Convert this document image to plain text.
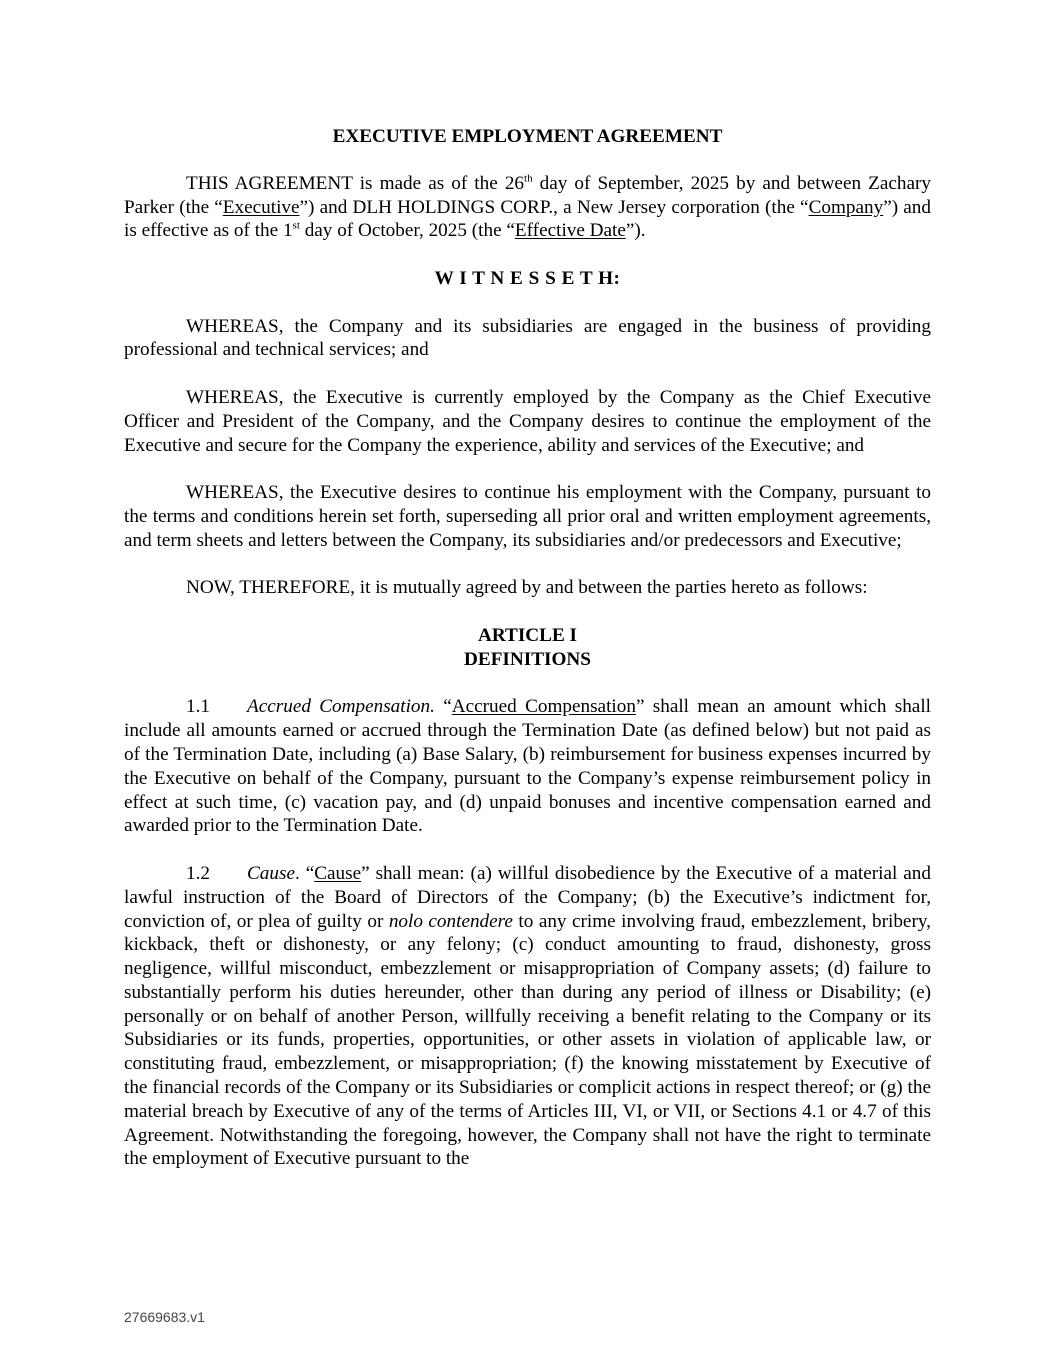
EXECUTIVE EMPLOYMENT AGREEMENT

THIS AGREEMENT is made as of the 26th day of September, 2025 by and between Zachary Parker (the “Executive”) and DLH HOLDINGS CORP., a New Jersey corporation (the “Company”) and is effective as of the 1st day of October, 2025 (the “Effective Date”).

W I T N E S S E T H:

WHEREAS, the Company and its subsidiaries are engaged in the business of providing professional and technical services; and

WHEREAS, the Executive is currently employed by the Company as the Chief Executive Officer and President of the Company, and the Company desires to continue the employment of the Executive and secure for the Company the experience, ability and services of the Executive; and

WHEREAS, the Executive desires to continue his employment with the Company, pursuant to the terms and conditions herein set forth, superseding all prior oral and written employment agreements, and term sheets and letters between the Company, its subsidiaries and/or predecessors and Executive;

NOW, THEREFORE, it is mutually agreed by and between the parties hereto as follows:

ARTICLE I
DEFINITIONS

1.1 Accrued Compensation. “Accrued Compensation” shall mean an amount which shall include all amounts earned or accrued through the Termination Date (as defined below) but not paid as of the Termination Date, including (a) Base Salary, (b) reimbursement for business expenses incurred by the Executive on behalf of the Company, pursuant to the Company’s expense reimbursement policy in effect at such time, (c) vacation pay, and (d) unpaid bonuses and incentive compensation earned and awarded prior to the Termination Date.

1.2 Cause. “Cause” shall mean: (a) willful disobedience by the Executive of a material and lawful instruction of the Board of Directors of the Company; (b) the Executive’s indictment for, conviction of, or plea of guilty or nolo contendere to any crime involving fraud, embezzlement, bribery, kickback, theft or dishonesty, or any felony; (c) conduct amounting to fraud, dishonesty, gross negligence, willful misconduct, embezzlement or misappropriation of Company assets; (d) failure to substantially perform his duties hereunder, other than during any period of illness or Disability; (e) personally or on behalf of another Person, willfully receiving a benefit relating to the Company or its Subsidiaries or its funds, properties, opportunities, or other assets in violation of applicable law, or constituting fraud, embezzlement, or misappropriation; (f) the knowing misstatement by Executive of the financial records of the Company or its Subsidiaries or complicit actions in respect thereof; or (g) the material breach by Executive of any of the terms of Articles III, VI, or VII, or Sections 4.1 or 4.7 of this Agreement. Notwithstanding the foregoing, however, the Company shall not have the right to terminate the employment of Executive pursuant to the

27669683.v1
